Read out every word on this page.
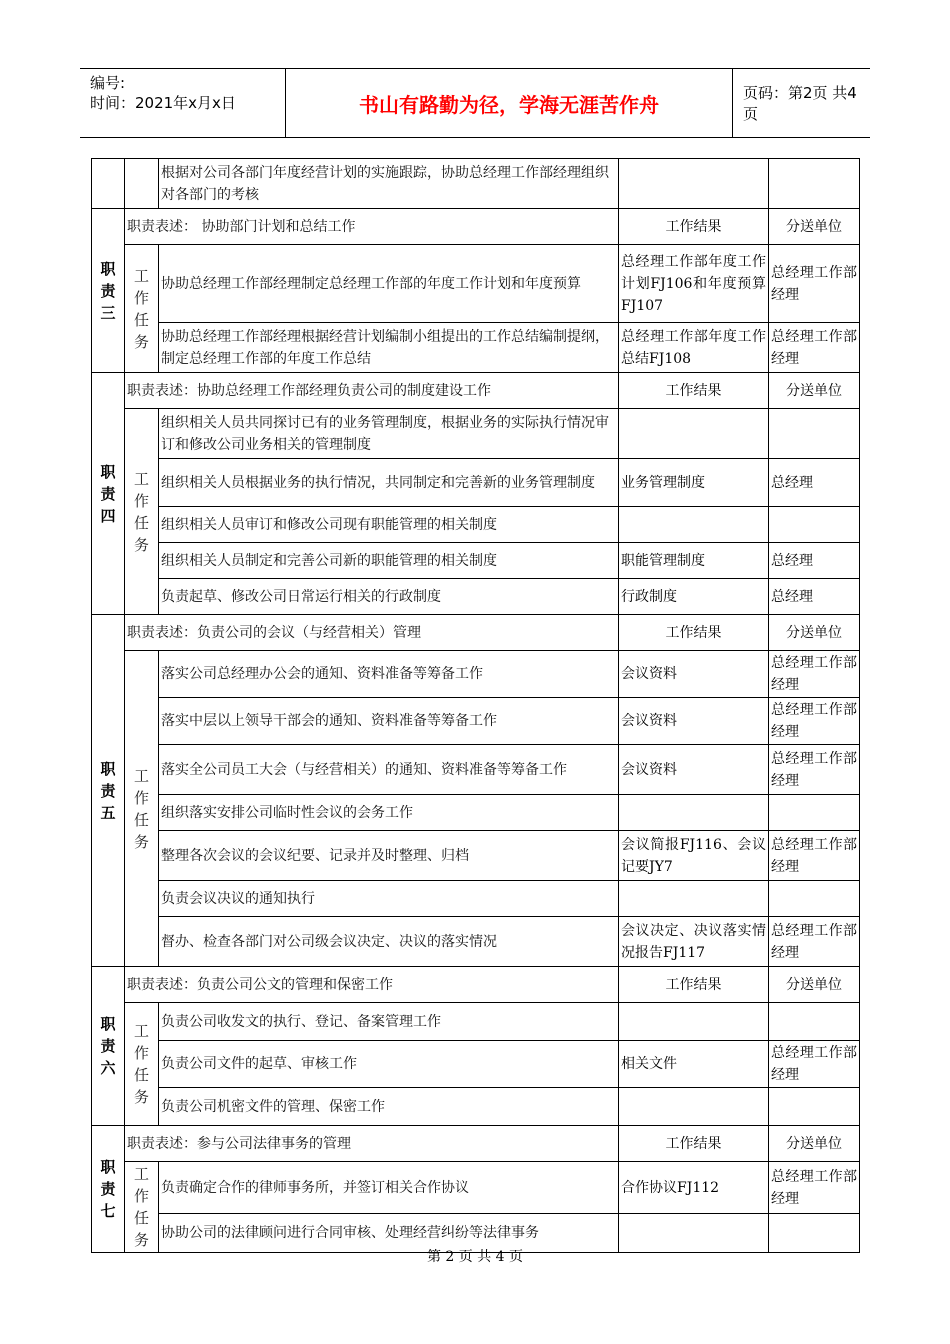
编号:
时间：2021年x月x日	书山有路勤为径，学海无涯苦作舟	页码：第2页 共4页
		根据对公司各部门年度经营计划的实施跟踪，协助总经理工作部经理组织对各部门的考核		
职责三	职责表述： 协助部门计划和总结工作		工作结果	分送单位
	工作任务	协助总经理工作部经理制定总经理工作部的年度工作计划和年度预算	总经理工作部年度工作计划FJ106和年度预算FJ107	总经理工作部经理
		协助总经理工作部经理根据经营计划编制小组提出的工作总结编制提纲，制定总经理工作部的年度工作总结	总经理工作部年度工作总结FJ108	总经理工作部经理
职责四	职责表述：协助总经理工作部经理负责公司的制度建设工作		工作结果	分送单位
	工作任务	组织相关人员共同探讨已有的业务管理制度，根据业务的实际执行情况审订和修改公司业务相关的管理制度		
		组织相关人员根据业务的执行情况，共同制定和完善新的业务管理制度	业务管理制度	总经理
		组织相关人员审订和修改公司现有职能管理的相关制度		
		组织相关人员制定和完善公司新的职能管理的相关制度	职能管理制度	总经理
		负责起草、修改公司日常运行相关的行政制度	行政制度	总经理
职责五	职责表述：负责公司的会议（与经营相关）管理		工作结果	分送单位
	工作任务	落实公司总经理办公会的通知、资料准备等筹备工作	会议资料	总经理工作部经理
		落实中层以上领导干部会的通知、资料准备等筹备工作	会议资料	总经理工作部经理
		落实全公司员工大会（与经营相关）的通知、资料准备等筹备工作	会议资料	总经理工作部经理
		组织落实安排公司临时性会议的会务工作		
		整理各次会议的会议纪要、记录并及时整理、归档	会议简报FJ116、会议记要JY7	总经理工作部经理
		负责会议决议的通知执行		
		督办、检查各部门对公司级会议决定、决议的落实情况	会议决定、决议落实情况报告FJ117	总经理工作部经理
职责六	职责表述：负责公司公文的管理和保密工作		工作结果	分送单位
	工作任务	负责公司收发文的执行、登记、备案管理工作		
		负责公司文件的起草、审核工作	相关文件	总经理工作部经理
		负责公司机密文件的管理、保密工作		
职责七	职责表述：参与公司法律事务的管理		工作结果	分送单位
	工作任务	负责确定合作的律师事务所，并签订相关合作协议	合作协议FJ112	总经理工作部经理
		协助公司的法律顾问进行合同审核、处理经营纠纷等法律事务		
第 2 页 共 4 页
